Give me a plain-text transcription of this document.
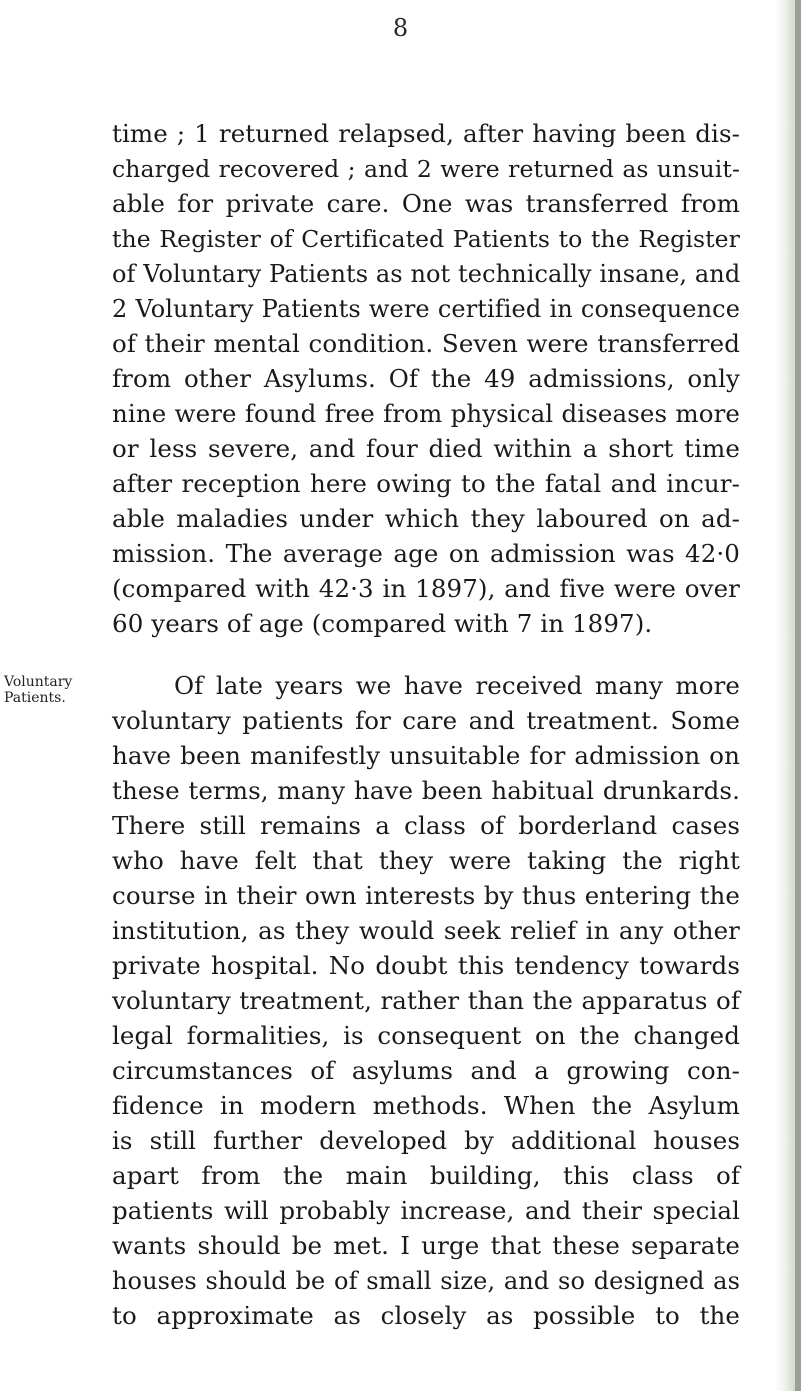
8
time ; 1 returned relapsed, after having been dis-
charged recovered ; and 2 were returned as unsuit-
able for private care. One was transferred from
the Register of Certificated Patients to the Register
of Voluntary Patients as not technically insane, and
2 Voluntary Patients were certified in consequence
of their mental condition. Seven were transferred
from other Asylums. Of the 49 admissions, only
nine were found free from physical diseases more
or less severe, and four died within a short time
after reception here owing to the fatal and incur-
able maladies under which they laboured on ad-
mission. The average age on admission was 42·0
(compared with 42·3 in 1897), and five were over
60 years of age (compared with 7 in 1897).
Voluntary
Patients.	Of late years we have received many more
voluntary patients for care and treatment. Some
have been manifestly unsuitable for admission on
these terms, many have been habitual drunkards.
There still remains a class of borderland cases
who have felt that they were taking the right
course in their own interests by thus entering the
institution, as they would seek relief in any other
private hospital. No doubt this tendency towards
voluntary treatment, rather than the apparatus of
legal formalities, is consequent on the changed
circumstances of asylums and a growing con-
fidence in modern methods. When the Asylum
is still further developed by additional houses
apart from the main building, this class of
patients will probably increase, and their special
wants should be met. I urge that these separate
houses should be of small size, and so designed as
to approximate as closely as possible to the
